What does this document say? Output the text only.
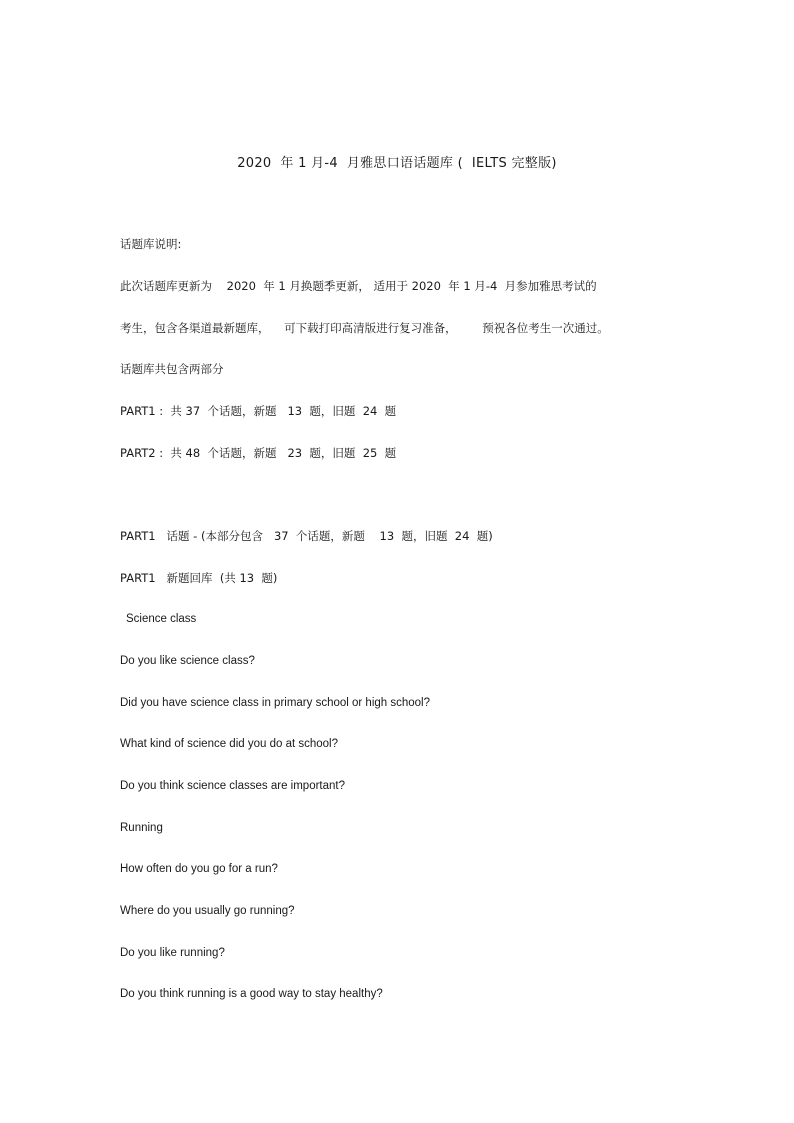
2020  年 1 月-4  月雅思口语话题库 (  IELTS 完整版)
话题库说明:
此次话题库更新为    2020  年 1 月换题季更新， 适用于 2020  年 1 月-4  月参加雅思考试的
考生，包含各渠道最新题库，    可下载打印高清版进行复习准备，       预祝各位考生一次通过。
话题库共包含两部分
PART1 :  共 37  个话题，新题   13  题，旧题  24  题
PART2 :  共 48  个话题，新题   23  题，旧题  25  题
PART1   话题 - (本部分包含   37  个话题，新题    13  题，旧题  24  题)
PART1   新题回库  (共 13  题)
Science class
Do you like science class?
Did you have science class in primary school or high school?
What kind of science did you do at school?
Do you think science classes are important?
Running
How often do you go for a run?
Where do you usually go running?
Do you like running?
Do you think running is a good way to stay healthy?
